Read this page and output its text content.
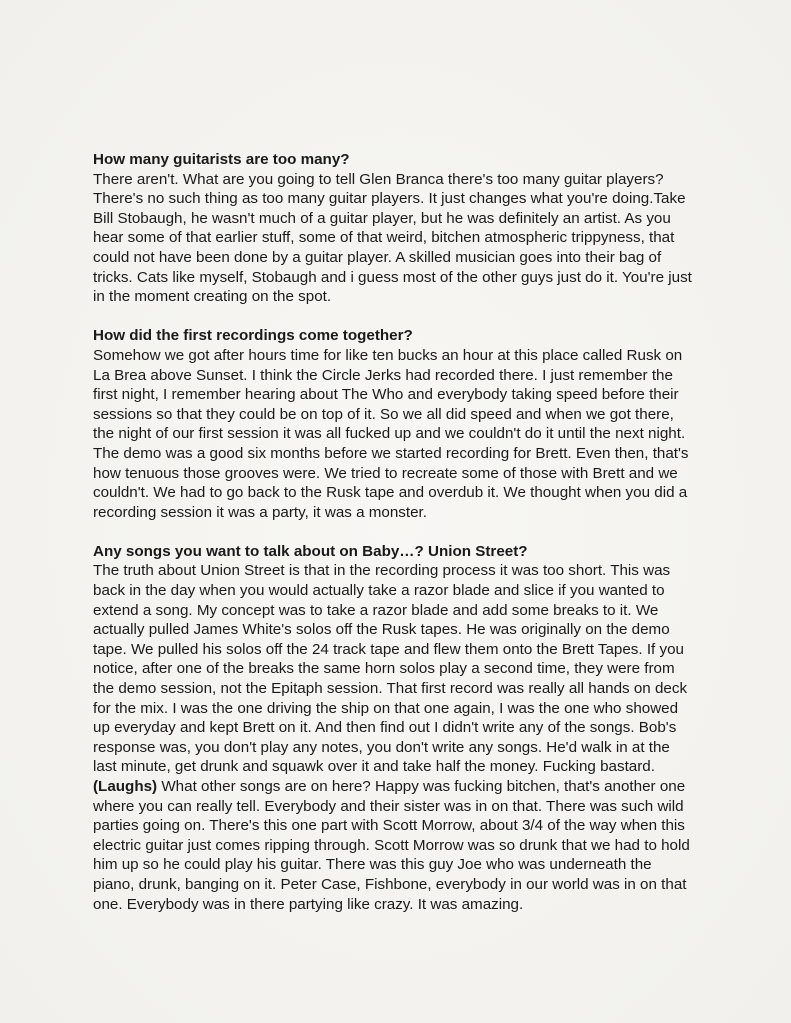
How many guitarists are too many?
There aren't. What are you going to tell Glen Branca there's too many guitar players? There's no such thing as too many guitar players. It just changes what you're doing.Take Bill Stobaugh, he wasn't much of a guitar player, but he was definitely an artist. As you hear some of that earlier stuff, some of that weird, bitchen atmospheric trippyness, that could not have been done by a guitar player. A skilled musician goes into their bag of tricks. Cats like myself, Stobaugh and i guess most of the other guys just do it. You're just in the moment creating on the spot.
How did the first recordings come together?
Somehow we got after hours time for like ten bucks an hour at this place called Rusk on La Brea above Sunset. I think the Circle Jerks had recorded there. I just remember the first night, I remember hearing about The Who and everybody taking speed before their sessions so that they could be on top of it. So we all did speed and when we got there, the night of our first session it was all fucked up and we couldn't do it until the next night. The demo was a good six months before we started recording for Brett. Even then, that's how tenuous those grooves were. We tried to recreate some of those with Brett and we couldn't. We had to go back to the Rusk tape and overdub it. We thought when you did a recording session it was a party, it was a monster.
Any songs you want to talk about on Baby…? Union Street?
The truth about Union Street is that in the recording process it was too short. This was back in the day when you would actually take a razor blade and slice if you wanted to extend a song. My concept was to take a razor blade and add some breaks to it. We actually pulled James White's solos off the Rusk tapes. He was originally on the demo tape. We pulled his solos off the 24 track tape and flew them onto the Brett Tapes. If you notice, after one of the breaks the same horn solos play a second time, they were from the demo session, not the Epitaph session. That first record was really all hands on deck for the mix. I was the one driving the ship on that one again, I was the one who showed up everyday and kept Brett on it. And then find out I didn't write any of the songs. Bob's response was, you don't play any notes, you don't write any songs. He'd walk in at the last minute, get drunk and squawk over it and take half the money. Fucking bastard. (Laughs) What other songs are on here? Happy was fucking bitchen, that's another one where you can really tell. Everybody and their sister was in on that. There was such wild parties going on. There's this one part with Scott Morrow, about 3/4 of the way when this electric guitar just comes ripping through. Scott Morrow was so drunk that we had to hold him up so he could play his guitar. There was this guy Joe who was underneath the piano, drunk, banging on it. Peter Case, Fishbone, everybody in our world was in on that one. Everybody was in there partying like crazy. It was amazing.
